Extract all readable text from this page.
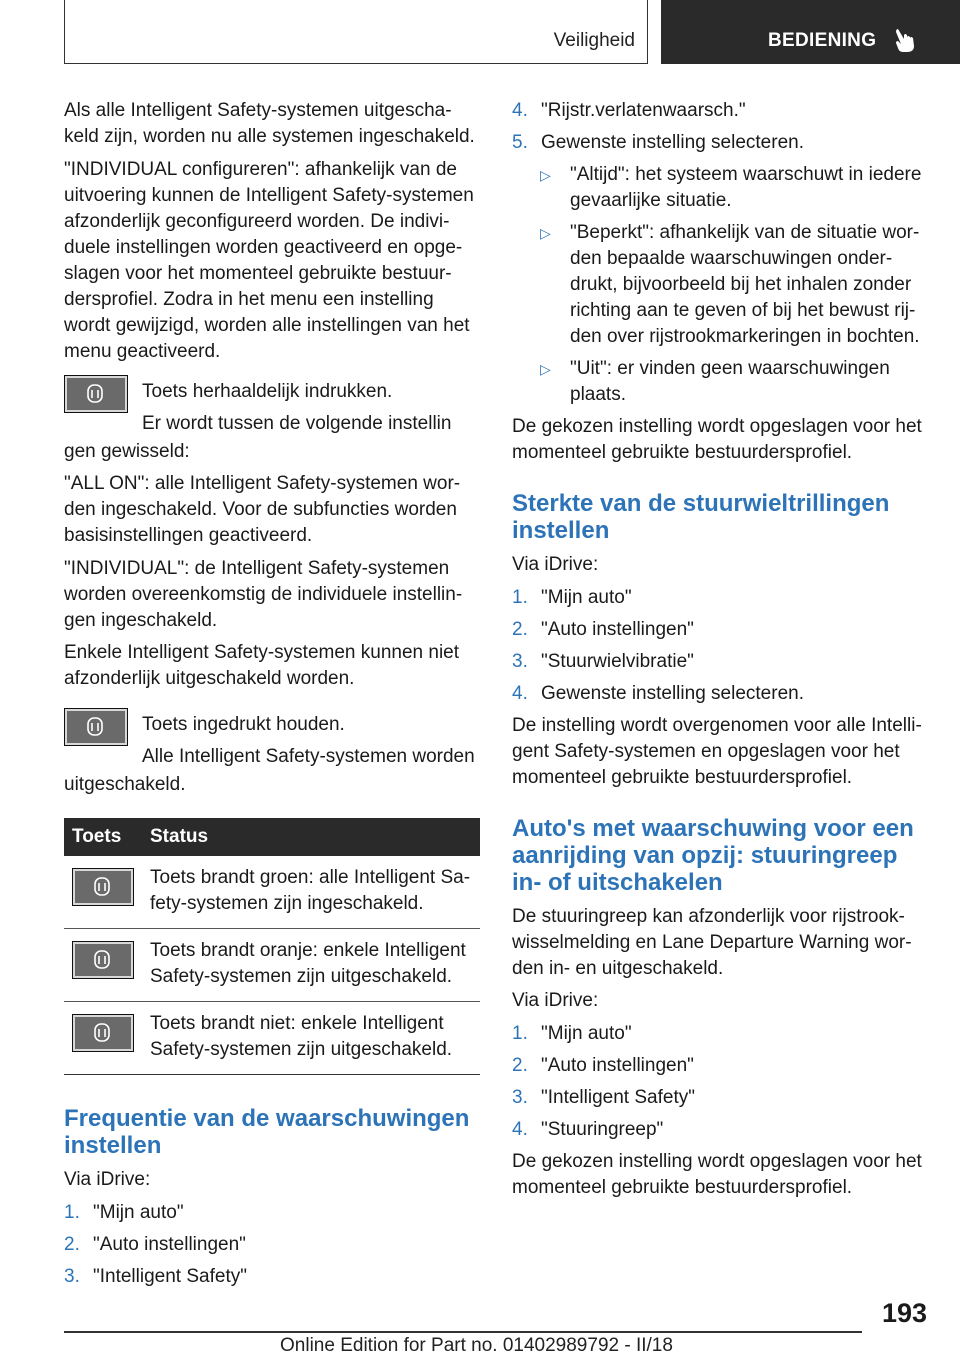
Veiligheid	BEDIENING

Als alle Intelligent Safety-systemen uitgeschakeld zijn, worden nu alle systemen ingeschakeld.

"INDIVIDUAL configureren": afhankelijk van de uitvoering kunnen de Intelligent Safety-systemen afzonderlijk geconfigureerd worden. De individuele instellingen worden geactiveerd en opgeslagen voor het momenteel gebruikte bestuurdersprofiel. Zodra in het menu een instelling wordt gewijzigd, worden alle instellingen van het menu geactiveerd.

Toets herhaaldelijk indrukken.
Er wordt tussen de volgende instellin

gen gewisseld:

"ALL ON": alle Intelligent Safety-systemen worden ingeschakeld. Voor de subfuncties worden basisinstellingen geactiveerd.

"INDIVIDUAL": de Intelligent Safety-systemen worden overeenkomstig de individuele instellingen ingeschakeld.

Enkele Intelligent Safety-systemen kunnen niet afzonderlijk uitgeschakeld worden.

Toets ingedrukt houden.
Alle Intelligent Safety-systemen worden

uitgeschakeld.

Toets	Status

	Toets brandt groen: alle Intelligent Safety-systemen zijn ingeschakeld.

	Toets brandt oranje: enkele Intelligent Safety-systemen zijn uitgeschakeld.

	Toets brandt niet: enkele Intelligent Safety-systemen zijn uitgeschakeld.
Frequentie van de waarschuwingen instellen

Via iDrive:

1. "Mijn auto"
2. "Auto instellingen"
3. "Intelligent Safety"
4. "Rijstr.verlatenwaarsch."
5. Gewenste instelling selecteren.
▷ "Altijd": het systeem waarschuwt in iedere gevaarlijke situatie.
▷ "Beperkt": afhankelijk van de situatie worden bepaalde waarschuwingen onderdrukt, bijvoorbeeld bij het inhalen zonder richting aan te geven of bij het bewust rijden over rijstrookmarkeringen in bochten.
▷ "Uit": er vinden geen waarschuwingen plaats.

De gekozen instelling wordt opgeslagen voor het momenteel gebruikte bestuurdersprofiel.

Sterkte van de stuurwieltrillingen instellen

Via iDrive:

1. "Mijn auto"
2. "Auto instellingen"
3. "Stuurwielvibratie"
4. Gewenste instelling selecteren.

De instelling wordt overgenomen voor alle Intelligent Safety-systemen en opgeslagen voor het momenteel gebruikte bestuurdersprofiel.

Auto's met waarschuwing voor een aanrijding van opzij: stuuringreep in- of uitschakelen

De stuuringreep kan afzonderlijk voor rijstrookwisselmelding en Lane Departure Warning worden in- en uitgeschakeld.

Via iDrive:

1. "Mijn auto"
2. "Auto instellingen"
3. "Intelligent Safety"
4. "Stuuringreep"

De gekozen instelling wordt opgeslagen voor het momenteel gebruikte bestuurdersprofiel.

193
Online Edition for Part no. 01402989792 - II/18
